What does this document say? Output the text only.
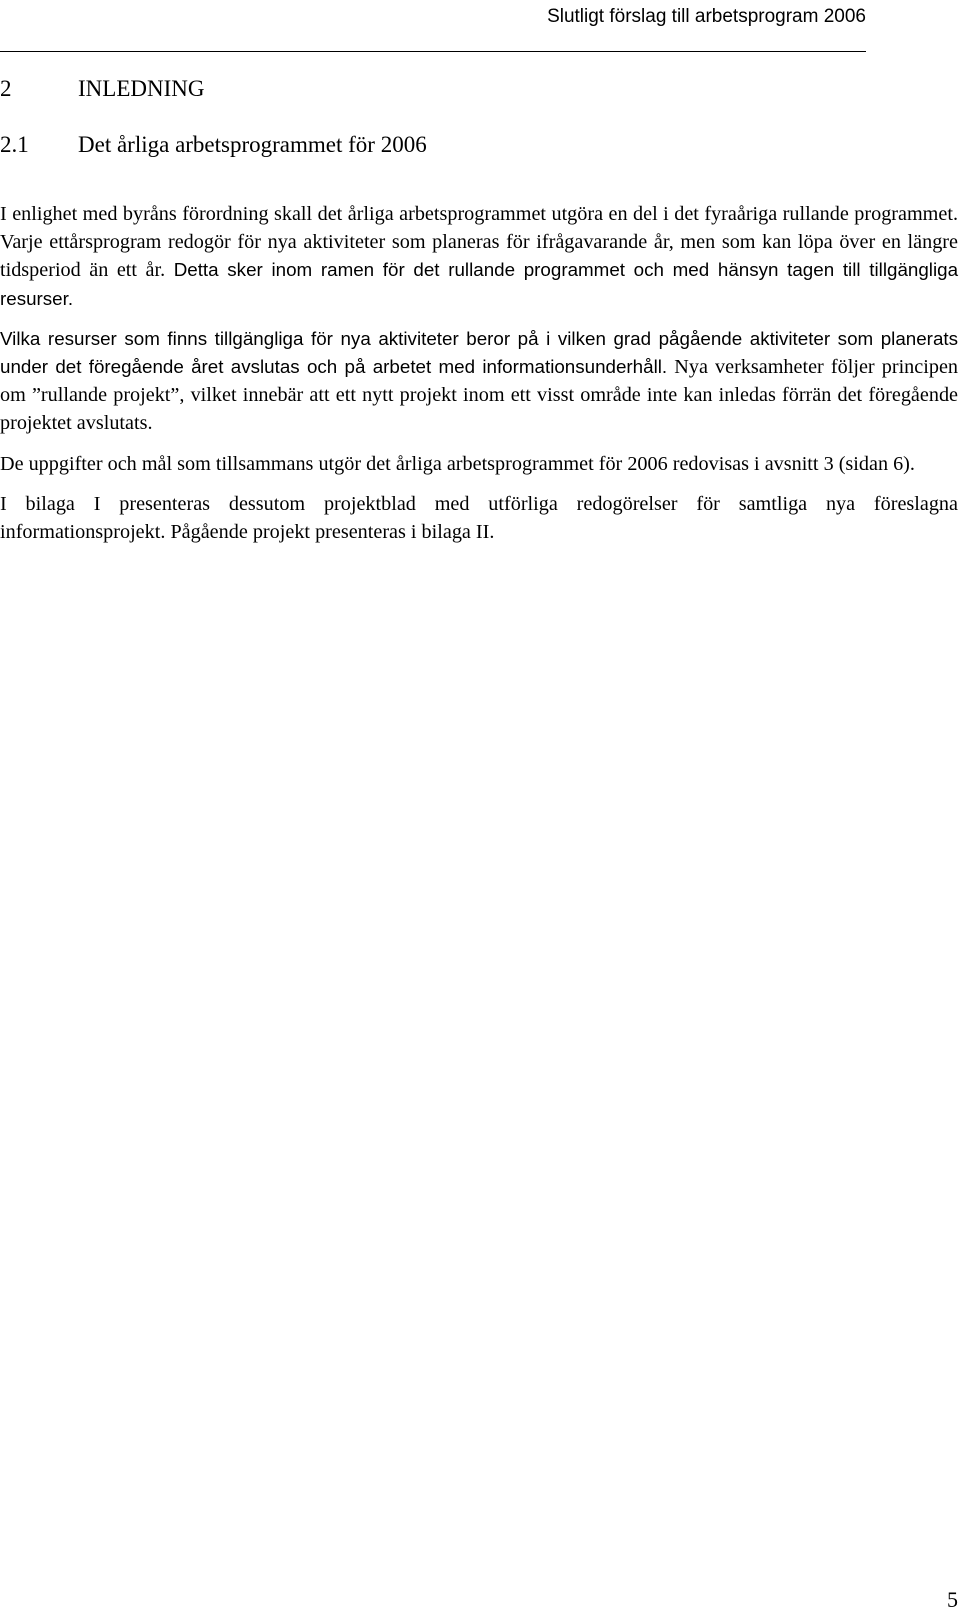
Slutligt förslag till arbetsprogram 2006
2	INLEDNING
2.1 Det årliga arbetsprogrammet för 2006

I enlighet med byråns förordning skall det årliga arbetsprogrammet utgöra en del i det fyraåriga rullande programmet. Varje ettårsprogram redogör för nya aktiviteter som planeras för ifrågavarande år, men som kan löpa över en längre tidsperiod än ett år. Detta sker inom ramen för det rullande programmet och med hänsyn tagen till tillgängliga resurser.

Vilka resurser som finns tillgängliga för nya aktiviteter beror på i vilken grad pågående aktiviteter som planerats under det föregående året avslutas och på arbetet med informationsunderhåll. Nya verksamheter följer principen om ”rullande projekt”, vilket innebär att ett nytt projekt inom ett visst område inte kan inledas förrän det föregående projektet avslutats.

De uppgifter och mål som tillsammans utgör det årliga arbetsprogrammet för 2006 redovisas i avsnitt 3 (sidan 6).

I bilaga I presenteras dessutom projektblad med utförliga redogörelser för samtliga nya föreslagna informationsprojekt. Pågående projekt presenteras i bilaga II.

5
